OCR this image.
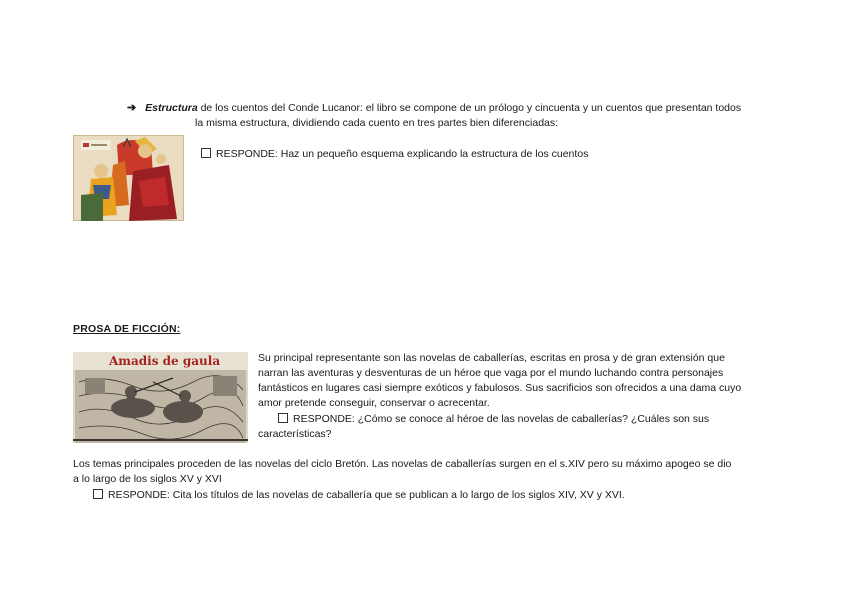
➔ Estructura de los cuentos del Conde Lucanor: el libro se compone de un prólogo y cincuenta y un cuentos que presentan todos
la misma estructura, dividiendo cada cuento en tres partes bien diferenciadas:
RESPONDE: Haz un pequeño esquema explicando la estructura de los cuentos
PROSA DE FICCIÓN:
Amadis de gaula	Su principal representante son las novelas de caballerías, escritas en prosa y de gran extensión que
narran las aventuras y desventuras de un héroe que vaga por el mundo luchando contra personajes
fantásticos en lugares casi siempre exóticos y fabulosos. Sus sacrificios son ofrecidos a una dama cuyo
amor pretende conseguir, conservar o acrecentar.
RESPONDE: ¿Cómo se conoce al héroe de las novelas de caballerías? ¿Cuáles son sus
características?
Los temas principales proceden de las novelas del ciclo Bretón. Las novelas de caballerías surgen en el s.XIV pero su máximo apogeo se dio
a lo largo de los siglos XV y XVI
RESPONDE: Cita los títulos de las novelas de caballería que se publican a lo largo de los siglos XIV, XV y XVI.
